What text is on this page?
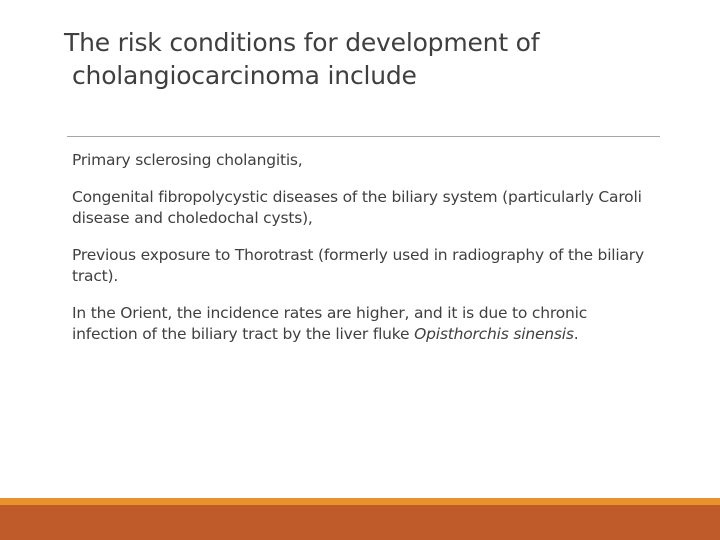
The risk conditions for development of
cholangiocarcinoma include
Primary sclerosing cholangitis,
Congenital fibropolycystic diseases of the biliary system (particularly Caroli disease and choledochal cysts),
Previous exposure to Thorotrast (formerly used in radiography of the biliary tract).
In the Orient, the incidence rates are higher, and it is due to chronic infection of the biliary tract by the liver fluke Opisthorchis sinensis.
